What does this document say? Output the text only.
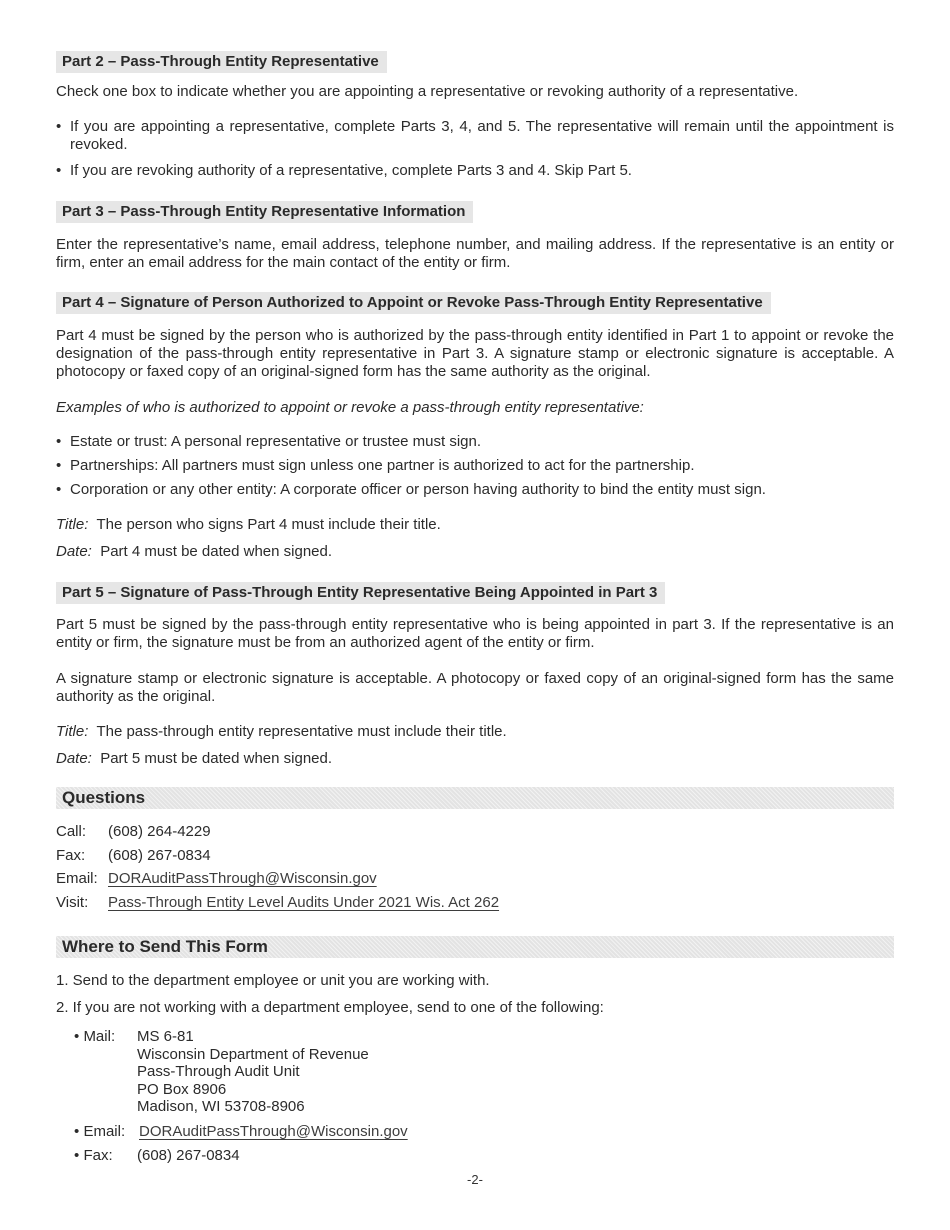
Part 2 – Pass-Through Entity Representative

Check one box to indicate whether you are appointing a representative or revoking authority of a representative.

• If you are appointing a representative, complete Parts 3, 4, and 5. The representative will remain until the appointment is revoked.
• If you are revoking authority of a representative, complete Parts 3 and 4. Skip Part 5.
Part 3 – Pass-Through Entity Representative Information

Enter the representative’s name, email address, telephone number, and mailing address. If the representative is an entity or firm, enter an email address for the main contact of the entity or firm.

Part 4 – Signature of Person Authorized to Appoint or Revoke Pass-Through Entity Representative

Part 4 must be signed by the person who is authorized by the pass-through entity identified in Part 1 to appoint or revoke the designation of the pass-through entity representative in Part 3. A signature stamp or electronic signature is acceptable. A photocopy or faxed copy of an original-signed form has the same authority as the original.

Examples of who is authorized to appoint or revoke a pass-through entity representative:

• Estate or trust: A personal representative or trustee must sign.
• Partnerships: All partners must sign unless one partner is authorized to act for the partnership.
• Corporation or any other entity: A corporate officer or person having authority to bind the entity must sign.

Title: The person who signs Part 4 must include their title.

Date: Part 4 must be dated when signed.

Part 5 – Signature of Pass-Through Entity Representative Being Appointed in Part 3

Part 5 must be signed by the pass-through entity representative who is being appointed in part 3. If the representative is an entity or firm, the signature must be from an authorized agent of the entity or firm.

A signature stamp or electronic signature is acceptable. A photocopy or faxed copy of an original-signed form has the same authority as the original.

Title: The pass-through entity representative must include their title.

Date: Part 5 must be dated when signed.

Questions
Call: (608) 264-4229
Fax: (608) 267-0834
Email: DORAuditPassThrough@Wisconsin.gov
Visit: Pass-Through Entity Level Audits Under 2021 Wis. Act 262
Where to Send This Form

1. Send to the department employee or unit you are working with.

2. If you are not working with a department employee, send to one of the following:

• Mail: MS 6-81
Wisconsin Department of Revenue
Pass-Through Audit Unit
PO Box 8906
Madison, WI 53708-8906
• Email: DORAuditPassThrough@Wisconsin.gov
• Fax: (608) 267-0834
-2-
